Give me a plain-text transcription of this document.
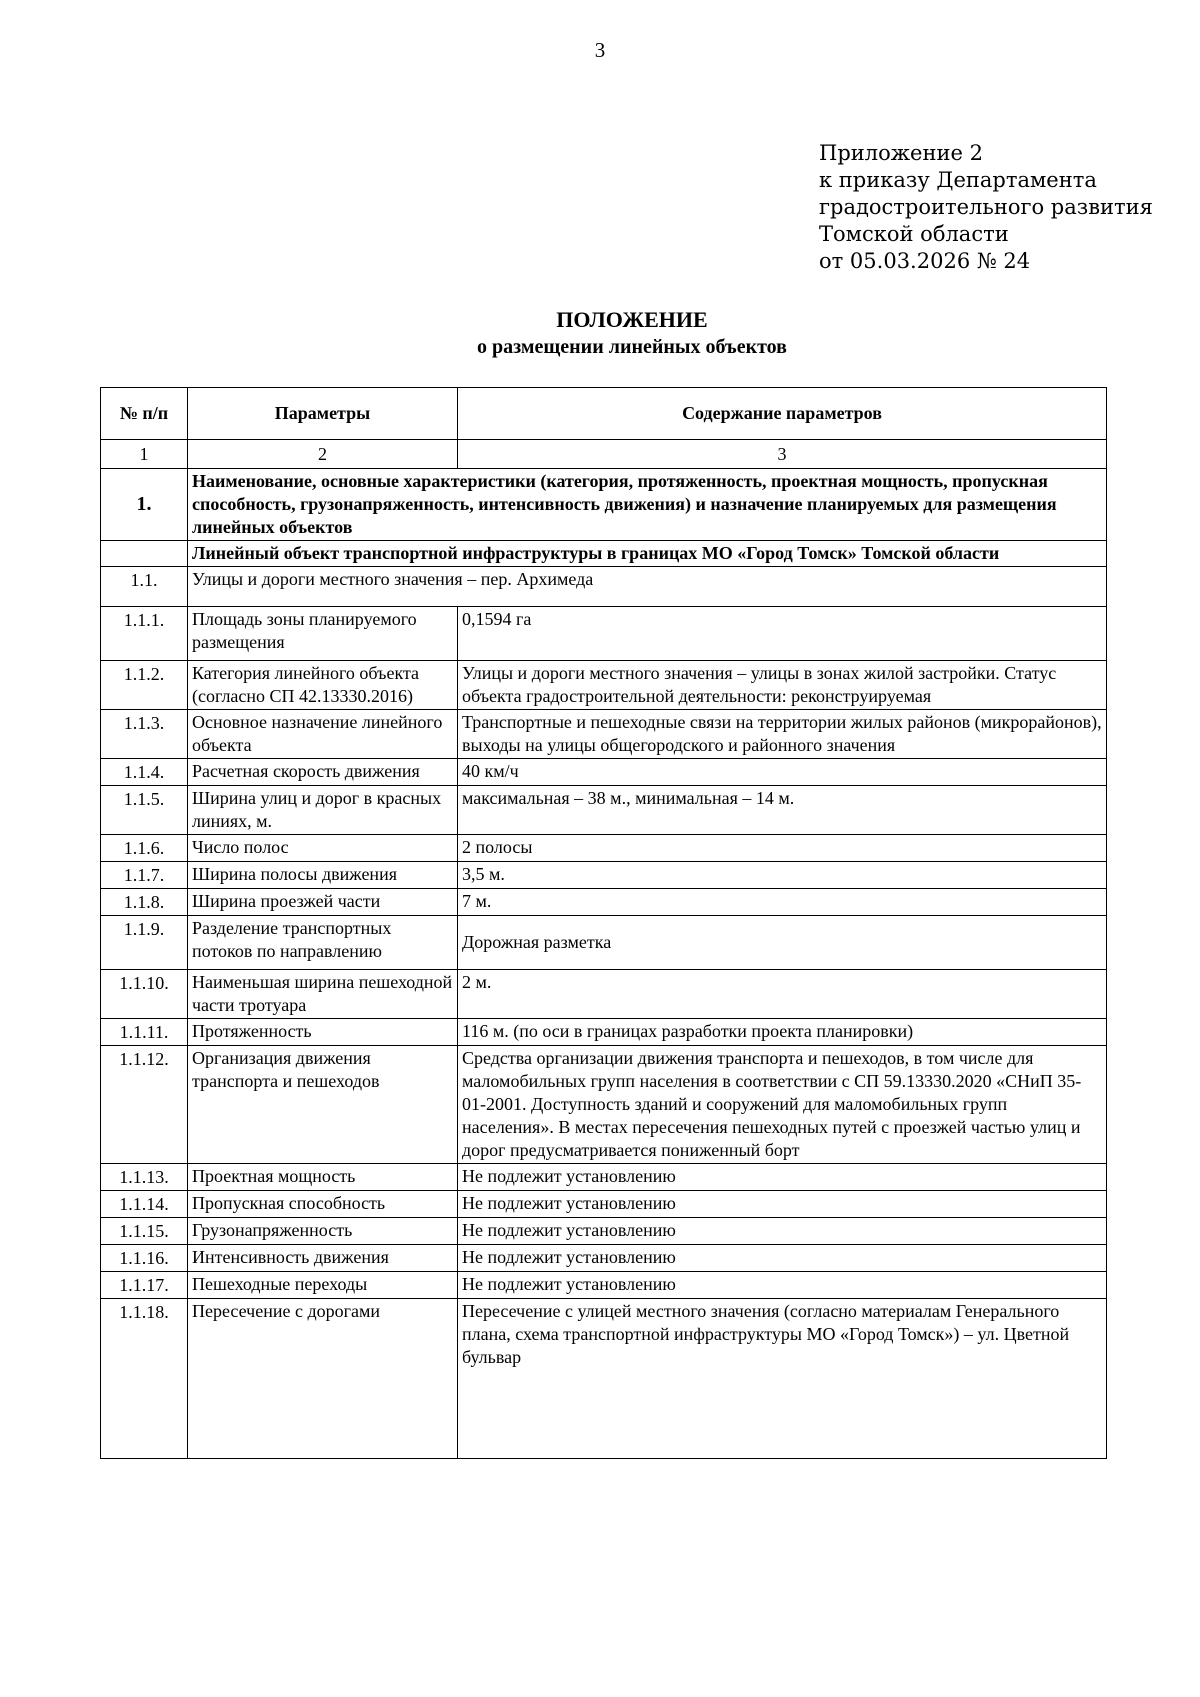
3
Приложение 2
к приказу Департамента
градостроительного развития
Томской области
от 05.03.2026 № 24
ПОЛОЖЕНИЕ
о размещении линейных объектов
№ п/п	Параметры	Содержание параметров
1	2	3
1.	Наименование, основные характеристики (категория, протяженность, проектная мощность, пропускная способность, грузонапряженность, интенсивность движения) и назначение планируемых для размещения линейных объектов	
	Линейный объект транспортной инфраструктуры в границах МО «Город Томск» Томской области	
1.1.	Улицы и дороги местного значения – пер. Архимеда	
1.1.1.	Площадь зоны планируемого размещения	0,1594 га
1.1.2.	Категория линейного объекта (согласно СП 42.13330.2016)	Улицы и дороги местного значения – улицы в зонах жилой застройки. Статус объекта градостроительной деятельности: реконструируемая
1.1.3.	Основное назначение линейного объекта	Транспортные и пешеходные связи на территории жилых районов (микрорайонов), выходы на улицы общегородского и районного значения
1.1.4.	Расчетная скорость движения	40 км/ч
1.1.5.	Ширина улиц и дорог в красных линиях, м.	максимальная – 38 м., минимальная – 14 м.
1.1.6.	Число полос	2 полосы
1.1.7.	Ширина полосы движения	3,5 м.
1.1.8.	Ширина проезжей части	7 м.
1.1.9.	Разделение транспортных потоков по направлению	Дорожная разметка
1.1.10.	Наименьшая ширина пешеходной части тротуара	2 м.
1.1.11.	Протяженность	116 м. (по оси в границах разработки проекта планировки)
1.1.12.	Организация движения транспорта и пешеходов	Средства организации движения транспорта и пешеходов, в том числе для маломобильных групп населения в соответствии с СП 59.13330.2020 «СНиП 35-01-2001. Доступность зданий и сооружений для маломобильных групп населения». В местах пересечения пешеходных путей с проезжей частью улиц и дорог предусматривается пониженный борт
1.1.13.	Проектная мощность	Не подлежит установлению
1.1.14.	Пропускная способность	Не подлежит установлению
1.1.15.	Грузонапряженность	Не подлежит установлению
1.1.16.	Интенсивность движения	Не подлежит установлению
1.1.17.	Пешеходные переходы	Не подлежит установлению
1.1.18.	Пересечение с дорогами	Пересечение с улицей местного значения (согласно материалам Генерального плана, схема транспортной инфраструктуры МО «Город Томск») – ул. Цветной бульвар
